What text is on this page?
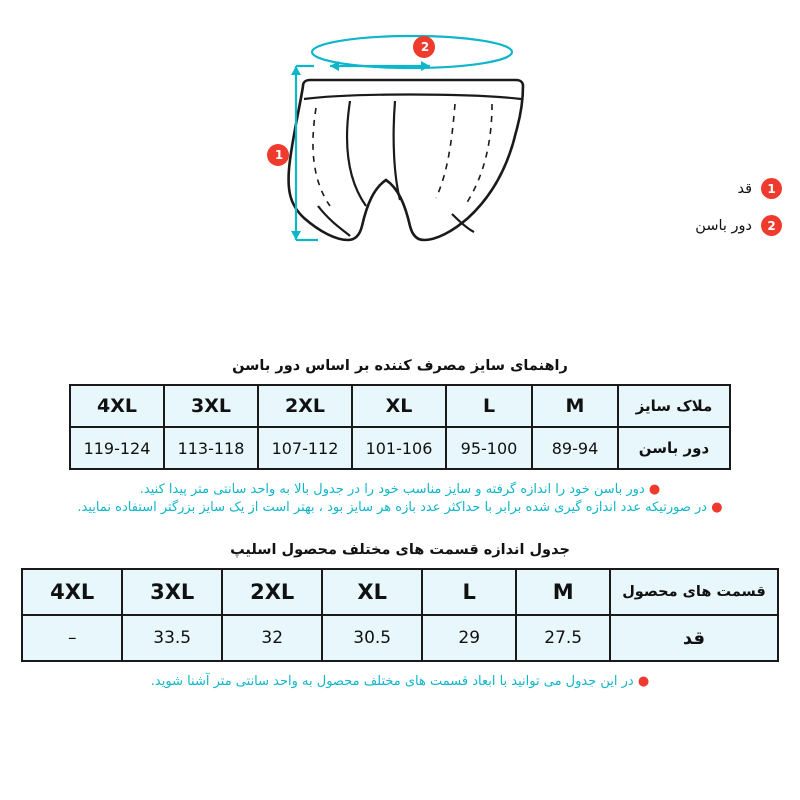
2
1
1
قد
2
دور باسن
راهنمای سایز مصرف کننده بر اساس دور باسن
ملاک سایز	M	L	XL	2XL	3XL	4XL
دور باسن	89-94	95-100	101-106	107-112	113-118	119-124
● دور باسن خود را اندازه گرفته و سایز مناسب خود را در جدول بالا به واحد سانتی متر پیدا کنید.
● در صورتیکه عدد اندازه گیری شده برابر با حداکثر عدد بازه هر سایز بود ، بهتر است از یک سایز بزرگتر استفاده نمایید.
جدول اندازه قسمت های مختلف محصول اسلیپ
قسمت های محصول	M	L	XL	2XL	3XL	4XL
قد	27.5	29	30.5	32	33.5	–
● در این جدول می توانید با ابعاد قسمت های مختلف محصول به واحد سانتی متر آشنا شوید.
